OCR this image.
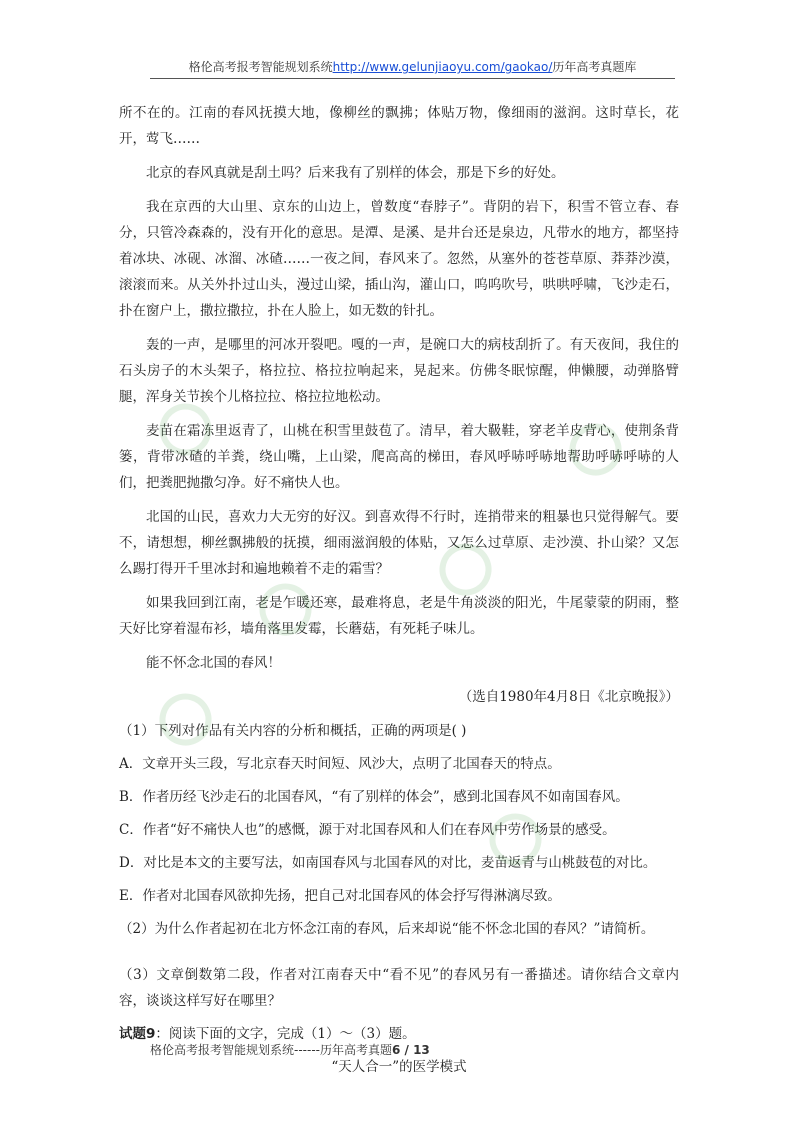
格伦高考报考智能规划系统http://www.gelunjiaoyu.com/gaokao/历年高考真题库

所不在的。江南的春风抚摸大地，像柳丝的飘拂；体贴万物，像细雨的滋润。这时草长，花开，莺飞……

北京的春风真就是刮土吗？后来我有了别样的体会，那是下乡的好处。

我在京西的大山里、京东的山边上，曾数度“春脖子”。背阴的岩下，积雪不管立春、春分，只管冷森森的，没有开化的意思。是潭、是溪、是井台还是泉边，凡带水的地方，都坚持着冰块、冰砚、冰溜、冰碴……一夜之间，春风来了。忽然，从塞外的苍苍草原、莽莽沙漠，滚滚而来。从关外扑过山头，漫过山梁，插山沟，灌山口，呜呜吹号，哄哄呼啸，飞沙走石，扑在窗户上，撒拉撒拉，扑在人脸上，如无数的针扎。

轰的一声，是哪里的河冰开裂吧。嘎的一声，是碗口大的病枝刮折了。有天夜间，我住的石头房子的木头架子，格拉拉、格拉拉响起来，晃起来。仿佛冬眠惊醒，伸懒腰，动弹胳臂腿，浑身关节挨个儿格拉拉、格拉拉地松动。

麦苗在霜冻里返青了，山桃在积雪里鼓苞了。清早，着大靸鞋，穿老羊皮背心，使荆条背篓，背带冰碴的羊粪，绕山嘴，上山梁，爬高高的梯田，春风呼哧呼哧地帮助呼哧呼哧的人们，把粪肥抛撒匀净。好不痛快人也。

北国的山民，喜欢力大无穷的好汉。到喜欢得不行时，连捎带来的粗暴也只觉得解气。要不，请想想，柳丝飘拂般的抚摸，细雨滋润般的体贴，又怎么过草原、走沙漠、扑山梁？又怎么踢打得开千里冰封和遍地赖着不走的霜雪？

如果我回到江南，老是乍暖还寒，最难将息，老是牛角淡淡的阳光，牛尾蒙蒙的阴雨，整天好比穿着湿布衫，墙角落里发霉，长蘑菇，有死耗子味儿。

能不怀念北国的春风！

（选自1980年4月8日《北京晚报》）

（1）下列对作品有关内容的分析和概括，正确的两项是( )

A．文章开头三段，写北京春天时间短、风沙大，点明了北国春天的特点。

B．作者历经飞沙走石的北国春风，“有了别样的体会”，感到北国春风不如南国春风。

C．作者“好不痛快人也”的感慨，源于对北国春风和人们在春风中劳作场景的感受。

D．对比是本文的主要写法，如南国春风与北国春风的对比，麦苗返青与山桃鼓苞的对比。

E．作者对北国春风欲抑先扬，把自己对北国春风的体会抒写得淋漓尽致。

（2）为什么作者起初在北方怀念江南的春风，后来却说“能不怀念北国的春风？”请简析。

（3）文章倒数第二段，作者对江南春天中“看不见”的春风另有一番描述。请你结合文章内容，谈谈这样写好在哪里？

试题9：阅读下面的文字，完成（1）～（3）题。

“天人合一”的医学模式

格伦高考报考智能规划系统------历年高考真题6 / 13
